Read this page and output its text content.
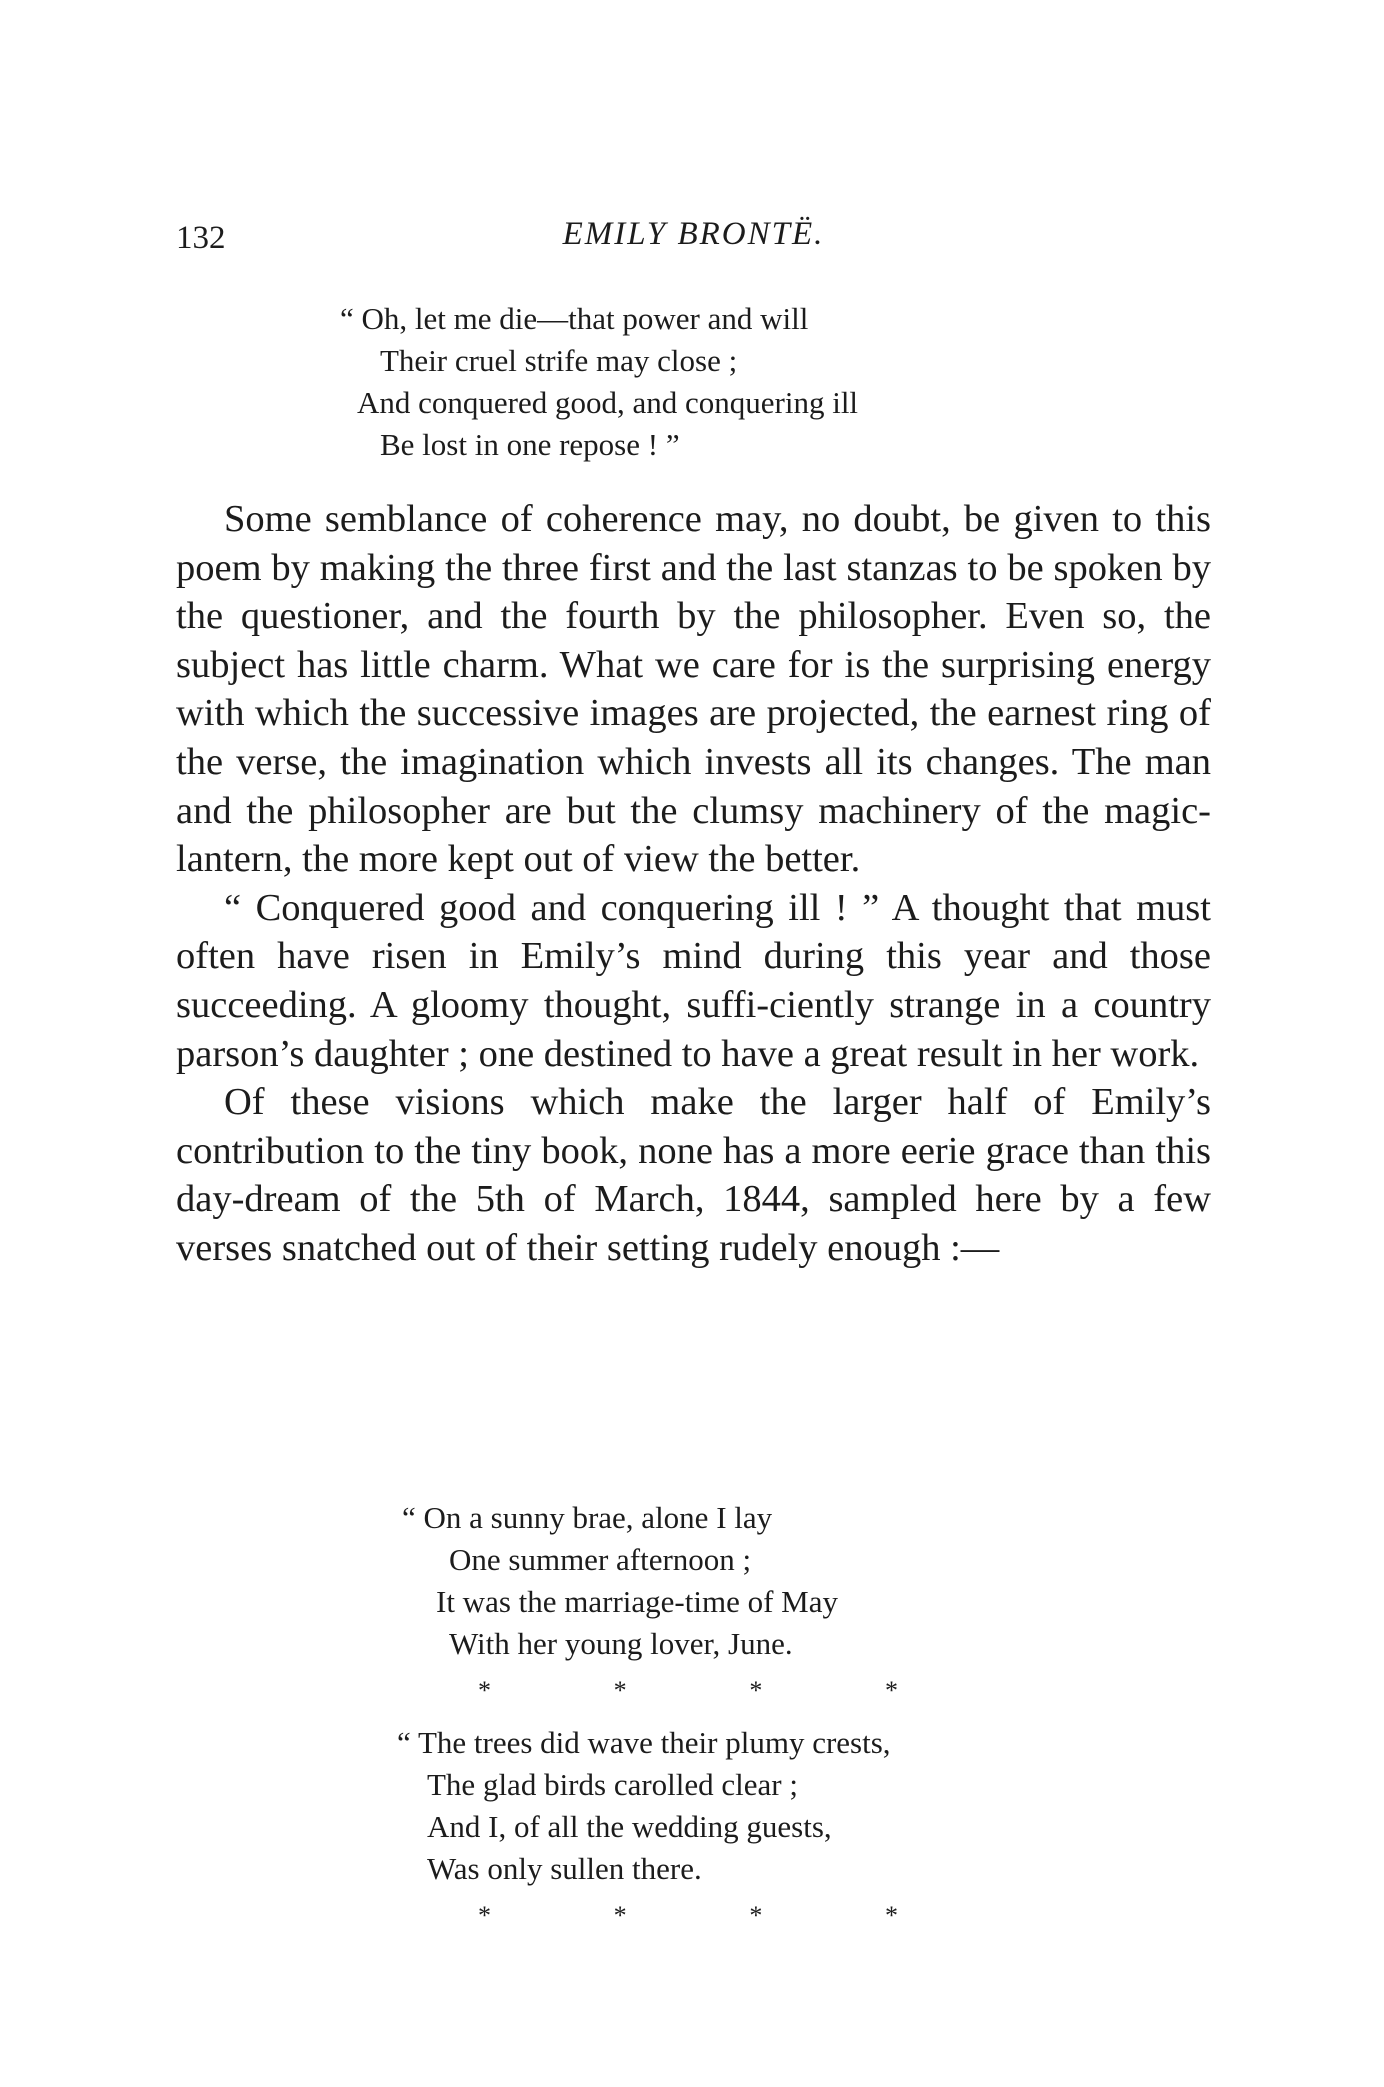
132	EMILY BRONTË.
“ Oh, let me die—that power and will
Their cruel strife may close ;
And conquered good, and conquering ill
Be lost in one repose ! ”

Some semblance of coherence may, no doubt, be given to this poem by making the three first and the last stanzas to be spoken by the questioner, and the fourth by the philosopher. Even so, the subject has little charm. What we care for is the surprising energy with which the successive images are projected, the earnest ring of the verse, the imagination which invests all its changes. The man and the philosopher are but the clumsy machinery of the magic-lantern, the more kept out of view the better.

“ Conquered good and conquering ill ! ” A thought that must often have risen in Emily’s mind during this year and those succeeding. A gloomy thought, suffi-ciently strange in a country parson’s daughter ; one destined to have a great result in her work.

Of these visions which make the larger half of Emily’s contribution to the tiny book, none has a more eerie grace than this day-dream of the 5th of March, 1844, sampled here by a few verses snatched out of their setting rudely enough :—

“ On a sunny brae, alone I lay
One summer afternoon ;
It was the marriage-time of May
With her young lover, June.
*	*	*	*
“ The trees did wave their plumy crests,
The glad birds carolled clear ;
And I, of all the wedding guests,
Was only sullen there.
*	*	*	*
